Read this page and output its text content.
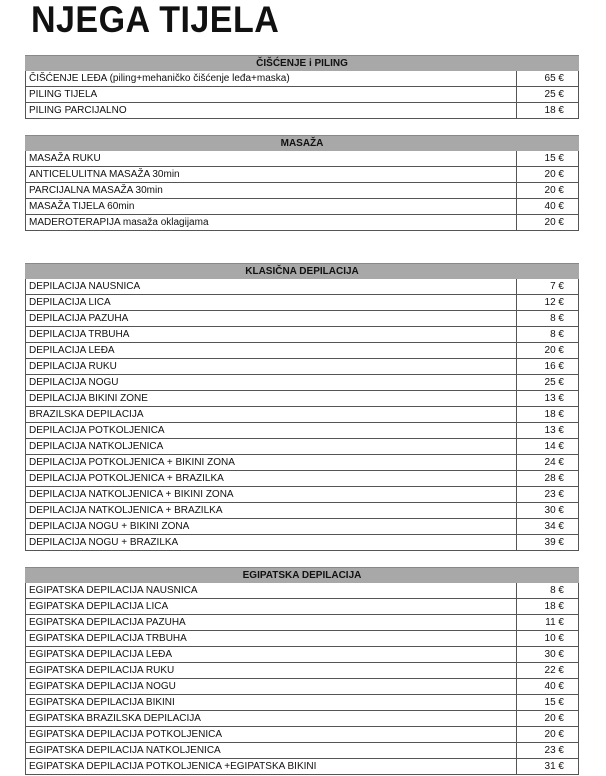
NJEGA TIJELA
ČIŠĆENJE i PILING
ČIŠĆENJE LEĐA (piling+mehaničko čišćenje leđa+maska)	65 €
PILING TIJELA	25 €
PILING PARCIJALNO	18 €
MASAŽA
MASAŽA RUKU	15 €
ANTICELULITNA MASAŽA 30min	20 €
PARCIJALNA MASAŽA 30min	20 €
MASAŽA TIJELA 60min	40 €
MADEROTERAPIJA masaža oklagijama	20 €
KLASIČNA DEPILACIJA
DEPILACIJA NAUSNICA	7 €
DEPILACIJA LICA	12 €
DEPILACIJA PAZUHA	8 €
DEPILACIJA TRBUHA	8 €
DEPILACIJA LEĐA	20 €
DEPILACIJA RUKU	16 €
DEPILACIJA NOGU	25 €
DEPILACIJA BIKINI ZONE	13 €
BRAZILSKA DEPILACIJA	18 €
DEPILACIJA POTKOLJENICA	13 €
DEPILACIJA NATKOLJENICA	14 €
DEPILACIJA POTKOLJENICA + BIKINI ZONA	24 €
DEPILACIJA POTKOLJENICA + BRAZILKA	28 €
DEPILACIJA NATKOLJENICA + BIKINI ZONA	23 €
DEPILACIJA NATKOLJENICA + BRAZILKA	30 €
DEPILACIJA NOGU + BIKINI ZONA	34 €
DEPILACIJA NOGU + BRAZILKA	39 €
EGIPATSKA DEPILACIJA
EGIPATSKA DEPILACIJA NAUSNICA	8 €
EGIPATSKA DEPILACIJA LICA	18 €
EGIPATSKA DEPILACIJA PAZUHA	11 €
EGIPATSKA DEPILACIJA TRBUHA	10 €
EGIPATSKA DEPILACIJA LEĐA	30 €
EGIPATSKA DEPILACIJA RUKU	22 €
EGIPATSKA DEPILACIJA NOGU	40 €
EGIPATSKA DEPILACIJA BIKINI	15 €
EGIPATSKA BRAZILSKA DEPILACIJA	20 €
EGIPATSKA DEPILACIJA POTKOLJENICA	20 €
EGIPATSKA DEPILACIJA NATKOLJENICA	23 €
EGIPATSKA DEPILACIJA POTKOLJENICA +EGIPATSKA BIKINI	31 €
